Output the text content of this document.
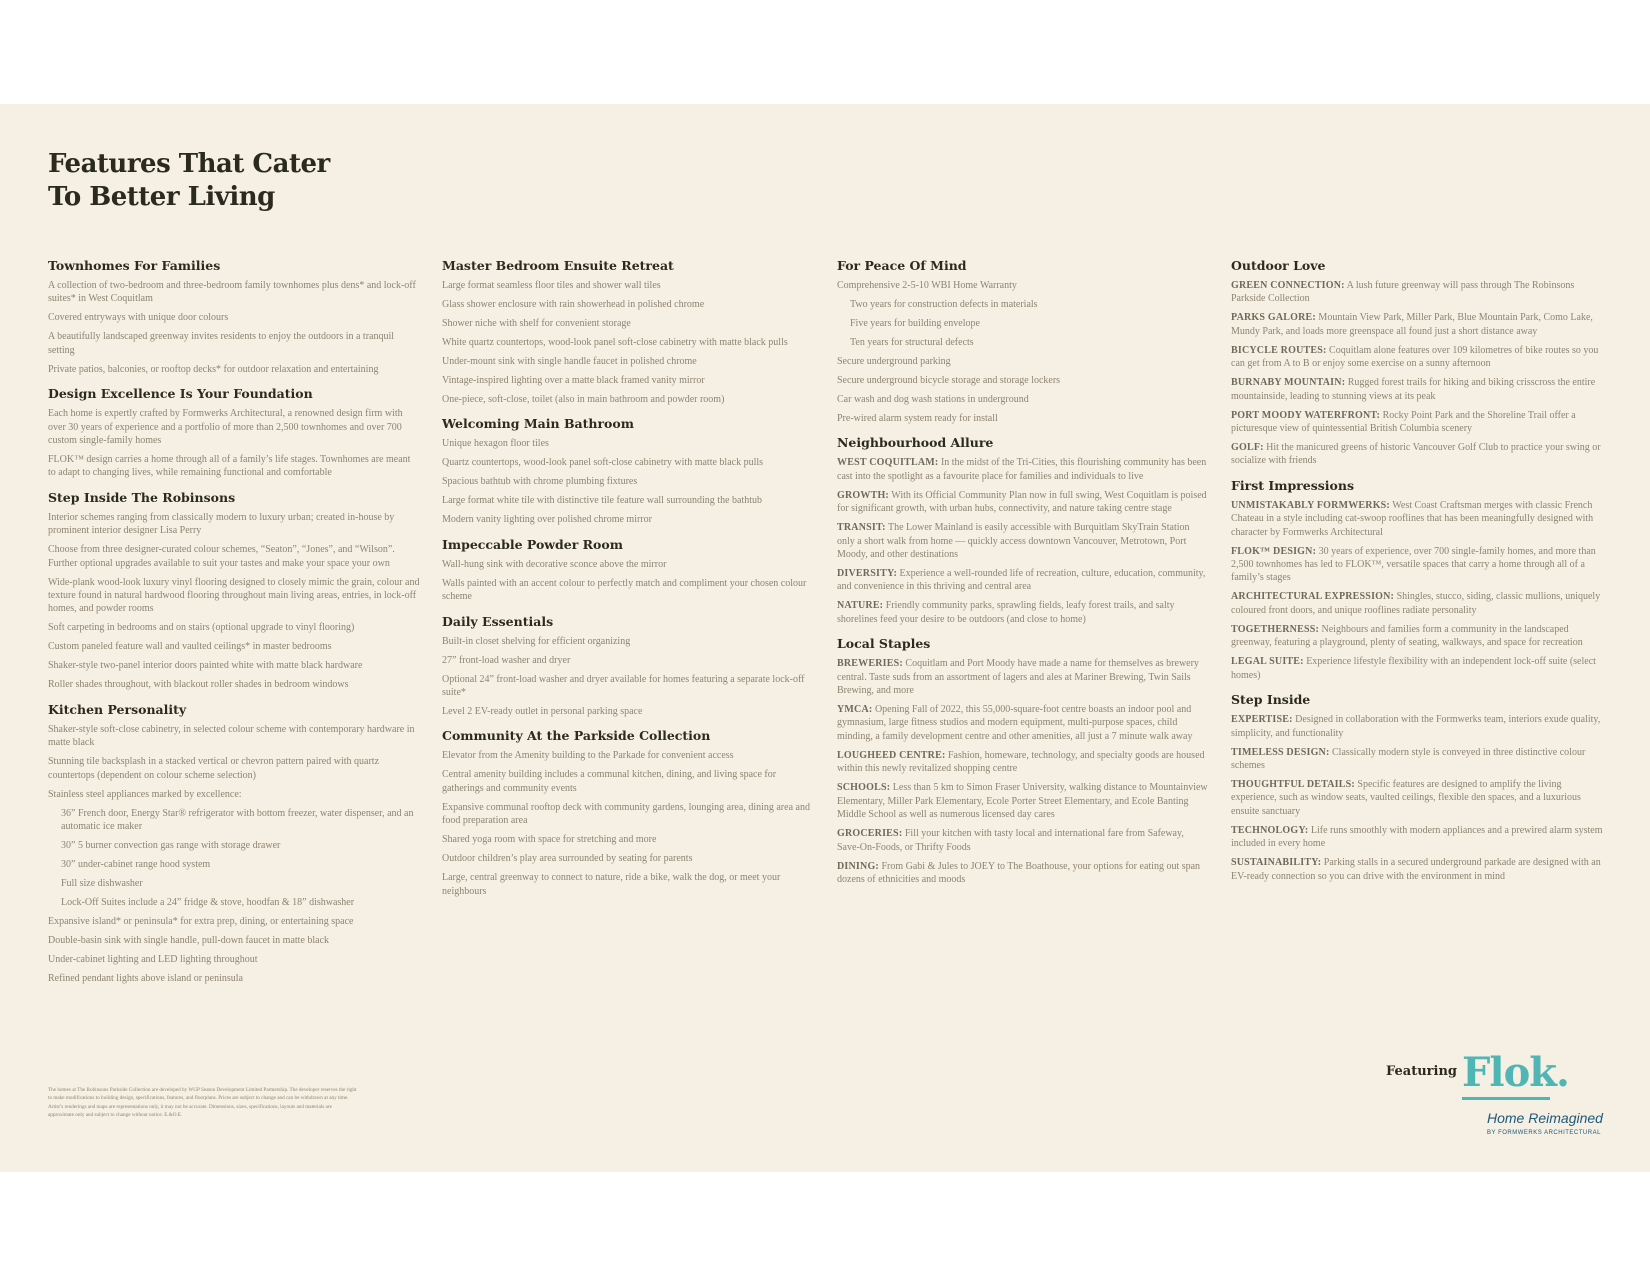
Features That Cater
To Better Living
Townhomes For Families

A collection of two-bedroom and three-bedroom family townhomes plus dens* and lock-off suites* in West Coquitlam

Covered entryways with unique door colours

A beautifully landscaped greenway invites residents to enjoy the outdoors in a tranquil setting

Private patios, balconies, or rooftop decks* for outdoor relaxation and entertaining

Design Excellence Is Your Foundation

Each home is expertly crafted by Formwerks Architectural, a renowned design firm with over 30 years of experience and a portfolio of more than 2,500 townhomes and over 700 custom single-family homes

FLOK™ design carries a home through all of a family’s life stages. Townhomes are meant to adapt to changing lives, while remaining functional and comfortable

Step Inside The Robinsons

Interior schemes ranging from classically modern to luxury urban; created in-house by prominent interior designer Lisa Perry

Choose from three designer-curated colour schemes, “Seaton”, “Jones”, and “Wilson”. Further optional upgrades available to suit your tastes and make your space your own

Wide-plank wood-look luxury vinyl flooring designed to closely mimic the grain, colour and texture found in natural hardwood flooring throughout main living areas, entries, in lock-off homes, and powder rooms

Soft carpeting in bedrooms and on stairs (optional upgrade to vinyl flooring)

Custom paneled feature wall and vaulted ceilings* in master bedrooms

Shaker-style two-panel interior doors painted white with matte black hardware

Roller shades throughout, with blackout roller shades in bedroom windows

Kitchen Personality

Shaker-style soft-close cabinetry, in selected colour scheme with contemporary hardware in matte black

Stunning tile backsplash in a stacked vertical or chevron pattern paired with quartz countertops (dependent on colour scheme selection)

Stainless steel appliances marked by excellence:

36” French door, Energy Star® refrigerator with bottom freezer, water dispenser, and an automatic ice maker

30” 5 burner convection gas range with storage drawer

30” under-cabinet range hood system

Full size dishwasher

Lock-Off Suites include a 24” fridge & stove, hoodfan & 18” dishwasher

Expansive island* or peninsula* for extra prep, dining, or entertaining space

Double-basin sink with single handle, pull-down faucet in matte black

Under-cabinet lighting and LED lighting throughout

Refined pendant lights above island or peninsula

Master Bedroom Ensuite Retreat

Large format seamless floor tiles and shower wall tiles

Glass shower enclosure with rain showerhead in polished chrome

Shower niche with shelf for convenient storage

White quartz countertops, wood-look panel soft-close cabinetry with matte black pulls

Under-mount sink with single handle faucet in polished chrome

Vintage-inspired lighting over a matte black framed vanity mirror

One-piece, soft-close, toilet (also in main bathroom and powder room)

Welcoming Main Bathroom

Unique hexagon floor tiles

Quartz countertops, wood-look panel soft-close cabinetry with matte black pulls

Spacious bathtub with chrome plumbing fixtures

Large format white tile with distinctive tile feature wall surrounding the bathtub

Modern vanity lighting over polished chrome mirror

Impeccable Powder Room

Wall-hung sink with decorative sconce above the mirror

Walls painted with an accent colour to perfectly match and compliment your chosen colour scheme

Daily Essentials

Built-in closet shelving for efficient organizing

27” front-load washer and dryer

Optional 24” front-load washer and dryer available for homes featuring a separate lock-off suite*

Level 2 EV-ready outlet in personal parking space

Community At the Parkside Collection

Elevator from the Amenity building to the Parkade for convenient access

Central amenity building includes a communal kitchen, dining, and living space for gatherings and community events

Expansive communal rooftop deck with community gardens, lounging area, dining area and food preparation area

Shared yoga room with space for stretching and more

Outdoor children’s play area surrounded by seating for parents

Large, central greenway to connect to nature, ride a bike, walk the dog, or meet your neighbours

For Peace Of Mind

Comprehensive 2-5-10 WBI Home Warranty

Two years for construction defects in materials

Five years for building envelope

Ten years for structural defects

Secure underground parking

Secure underground bicycle storage and storage lockers

Car wash and dog wash stations in underground

Pre-wired alarm system ready for install

Neighbourhood Allure

WEST COQUITLAM: In the midst of the Tri-Cities, this flourishing community has been cast into the spotlight as a favourite place for families and individuals to live

GROWTH: With its Official Community Plan now in full swing, West Coquitlam is poised for significant growth, with urban hubs, connectivity, and nature taking centre stage

TRANSIT: The Lower Mainland is easily accessible with Burquitlam SkyTrain Station only a short walk from home — quickly access downtown Vancouver, Metrotown, Port Moody, and other destinations

DIVERSITY: Experience a well-rounded life of recreation, culture, education, community, and convenience in this thriving and central area

NATURE: Friendly community parks, sprawling fields, leafy forest trails, and salty shorelines feed your desire to be outdoors (and close to home)

Local Staples

BREWERIES: Coquitlam and Port Moody have made a name for themselves as brewery central. Taste suds from an assortment of lagers and ales at Mariner Brewing, Twin Sails Brewing, and more

YMCA: Opening Fall of 2022, this 55,000-square-foot centre boasts an indoor pool and gymnasium, large fitness studios and modern equipment, multi-purpose spaces, child minding, a family development centre and other amenities, all just a 7 minute walk away

LOUGHEED CENTRE: Fashion, homeware, technology, and specialty goods are housed within this newly revitalized shopping centre

SCHOOLS: Less than 5 km to Simon Fraser University, walking distance to Mountainview Elementary, Miller Park Elementary, Ecole Porter Street Elementary, and Ecole Banting Middle School as well as numerous licensed day cares

GROCERIES: Fill your kitchen with tasty local and international fare from Safeway, Save-On-Foods, or Thrifty Foods

DINING: From Gabi & Jules to JOEY to The Boathouse, your options for eating out span dozens of ethnicities and moods

Outdoor Love

GREEN CONNECTION: A lush future greenway will pass through The Robinsons Parkside Collection

PARKS GALORE: Mountain View Park, Miller Park, Blue Mountain Park, Como Lake, Mundy Park, and loads more greenspace all found just a short distance away

BICYCLE ROUTES: Coquitlam alone features over 109 kilometres of bike routes so you can get from A to B or enjoy some exercise on a sunny afternoon

BURNABY MOUNTAIN: Rugged forest trails for hiking and biking crisscross the entire mountainside, leading to stunning views at its peak

PORT MOODY WATERFRONT: Rocky Point Park and the Shoreline Trail offer a picturesque view of quintessential British Columbia scenery

GOLF: Hit the manicured greens of historic Vancouver Golf Club to practice your swing or socialize with friends

First Impressions

UNMISTAKABLY FORMWERKS: West Coast Craftsman merges with classic French Chateau in a style including cat-swoop rooflines that has been meaningfully designed with character by Formwerks Architectural

FLOK™ DESIGN: 30 years of experience, over 700 single-family homes, and more than 2,500 townhomes has led to FLOK™, versatile spaces that carry a home through all of a family’s stages

ARCHITECTURAL EXPRESSION: Shingles, stucco, siding, classic mullions, uniquely coloured front doors, and unique rooflines radiate personality

TOGETHERNESS: Neighbours and families form a community in the landscaped greenway, featuring a playground, plenty of seating, walkways, and space for recreation

LEGAL SUITE: Experience lifestyle flexibility with an independent lock-off suite (select homes)

Step Inside

EXPERTISE: Designed in collaboration with the Formwerks team, interiors exude quality, simplicity, and functionality

TIMELESS DESIGN: Classically modern style is conveyed in three distinctive colour schemes

THOUGHTFUL DETAILS: Specific features are designed to amplify the living experience, such as window seats, vaulted ceilings, flexible den spaces, and a luxurious ensuite sanctuary

TECHNOLOGY: Life runs smoothly with modern appliances and a prewired alarm system included in every home

SUSTAINABILITY: Parking stalls in a secured underground parkade are designed with an EV-ready connection so you can drive with the environment in mind

The homes at The Robinsons Parkside Collection are developed by WGP Seaton Development Limited Partnership. The developer reserves the right to make modifications to building design, specifications, features, and floorplans. Prices are subject to change and can be withdrawn at any time. Artist’s renderings and maps are representations only, it may not be accurate. Dimensions, sizes, specifications, layouts and materials are approximate only and subject to change without notice. E.&O.E.

Featuring Flok.
Home Reimagined
BY FORMWERKS ARCHITECTURAL
